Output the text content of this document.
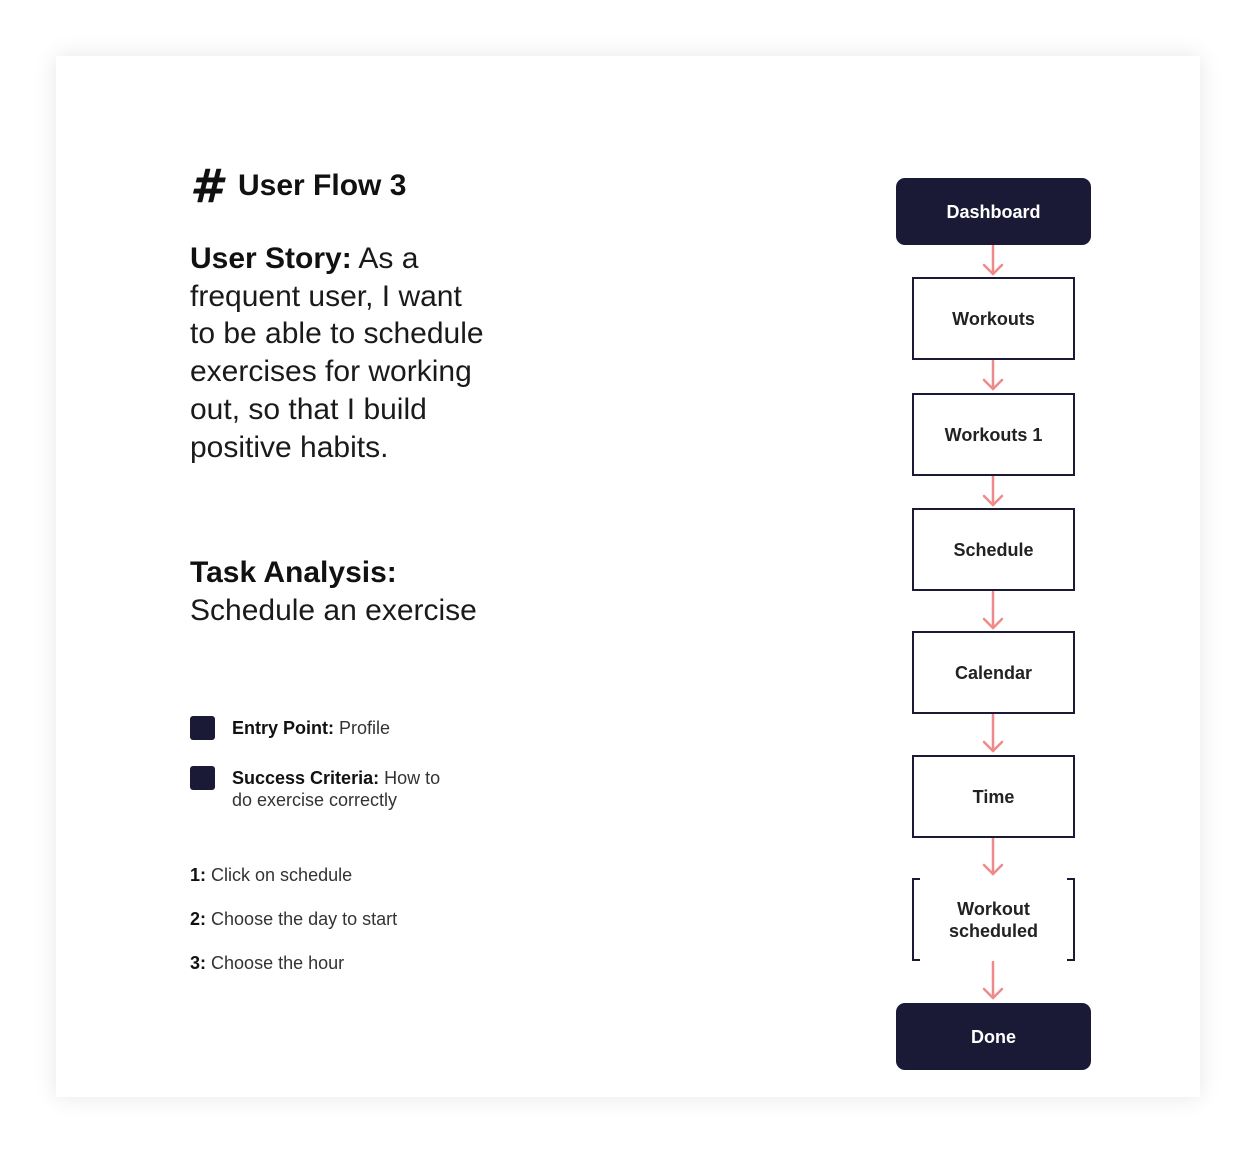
# User Flow 3
User Story: As a frequent user, I want to be able to schedule exercises for working out, so that I build positive habits.
Task Analysis:
Schedule an exercise
Entry Point: Profile
Success Criteria: How to do exercise correctly
1: Click on schedule
2: Choose the day to start
3: Choose the hour
Dashboard
Workouts
Workouts 1
Schedule
Calendar
Time
Workout scheduled
Done
